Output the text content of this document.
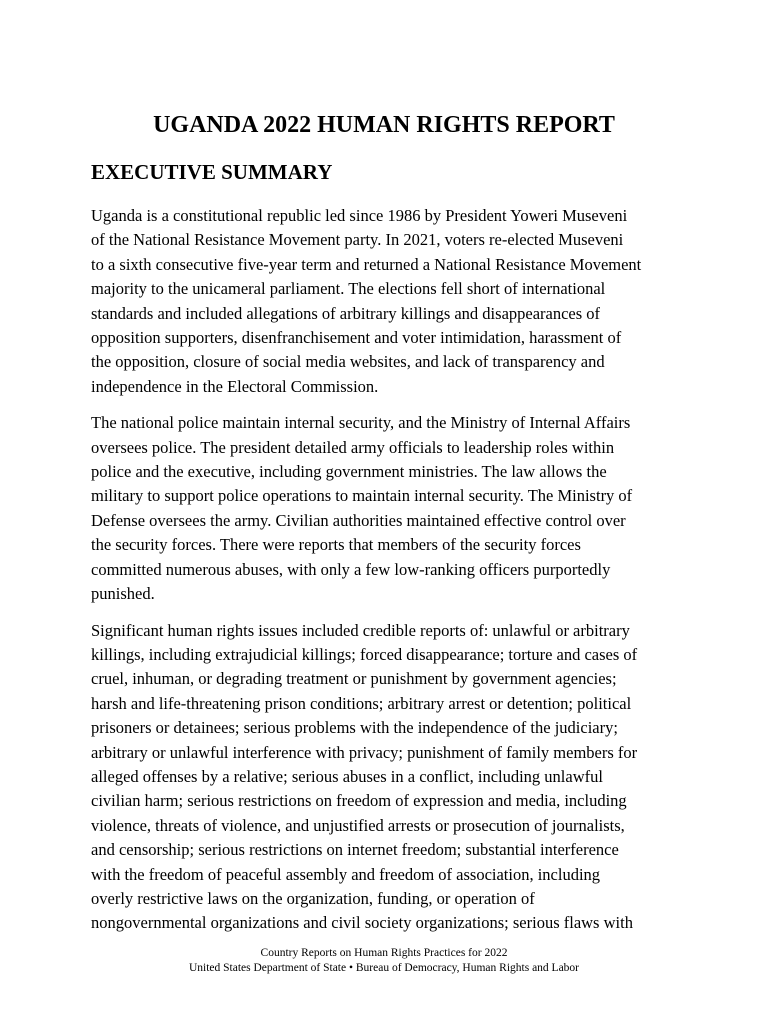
UGANDA 2022 HUMAN RIGHTS REPORT
EXECUTIVE SUMMARY

Uganda is a constitutional republic led since 1986 by President Yoweri Museveni
of the National Resistance Movement party. In 2021, voters re-elected Museveni
to a sixth consecutive five-year term and returned a National Resistance Movement
majority to the unicameral parliament. The elections fell short of international
standards and included allegations of arbitrary killings and disappearances of
opposition supporters, disenfranchisement and voter intimidation, harassment of
the opposition, closure of social media websites, and lack of transparency and
independence in the Electoral Commission.

The national police maintain internal security, and the Ministry of Internal Affairs
oversees police. The president detailed army officials to leadership roles within
police and the executive, including government ministries. The law allows the
military to support police operations to maintain internal security. The Ministry of
Defense oversees the army. Civilian authorities maintained effective control over
the security forces. There were reports that members of the security forces
committed numerous abuses, with only a few low-ranking officers purportedly
punished.

Significant human rights issues included credible reports of: unlawful or arbitrary
killings, including extrajudicial killings; forced disappearance; torture and cases of
cruel, inhuman, or degrading treatment or punishment by government agencies;
harsh and life-threatening prison conditions; arbitrary arrest or detention; political
prisoners or detainees; serious problems with the independence of the judiciary;
arbitrary or unlawful interference with privacy; punishment of family members for
alleged offenses by a relative; serious abuses in a conflict, including unlawful
civilian harm; serious restrictions on freedom of expression and media, including
violence, threats of violence, and unjustified arrests or prosecution of journalists,
and censorship; serious restrictions on internet freedom; substantial interference
with the freedom of peaceful assembly and freedom of association, including
overly restrictive laws on the organization, funding, or operation of
nongovernmental organizations and civil society organizations; serious flaws with

Country Reports on Human Rights Practices for 2022
United States Department of State • Bureau of Democracy, Human Rights and Labor
